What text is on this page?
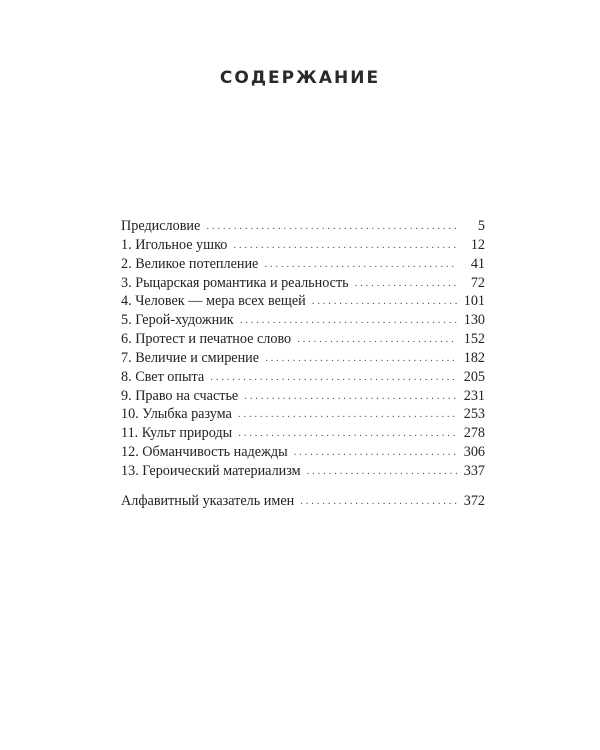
СОДЕРЖАНИЕ
Предисловие . . .	5
1. Игольное ушко . . .	12
2. Великое потепление . . .	41
3. Рыцарская романтика и реальность . . .	72
4. Человек — мера всех вещей . . .	101
5. Герой-художник . . .	130
6. Протест и печатное слово . . .	152
7. Величие и смирение . . .	182
8. Свет опыта . . .	205
9. Право на счастье . . .	231
10. Улыбка разума . . .	253
11. Культ природы . . .	278
12. Обманчивость надежды . . .	306
13. Героический материализм . . .	337
Алфавитный указатель имен . . .	372
